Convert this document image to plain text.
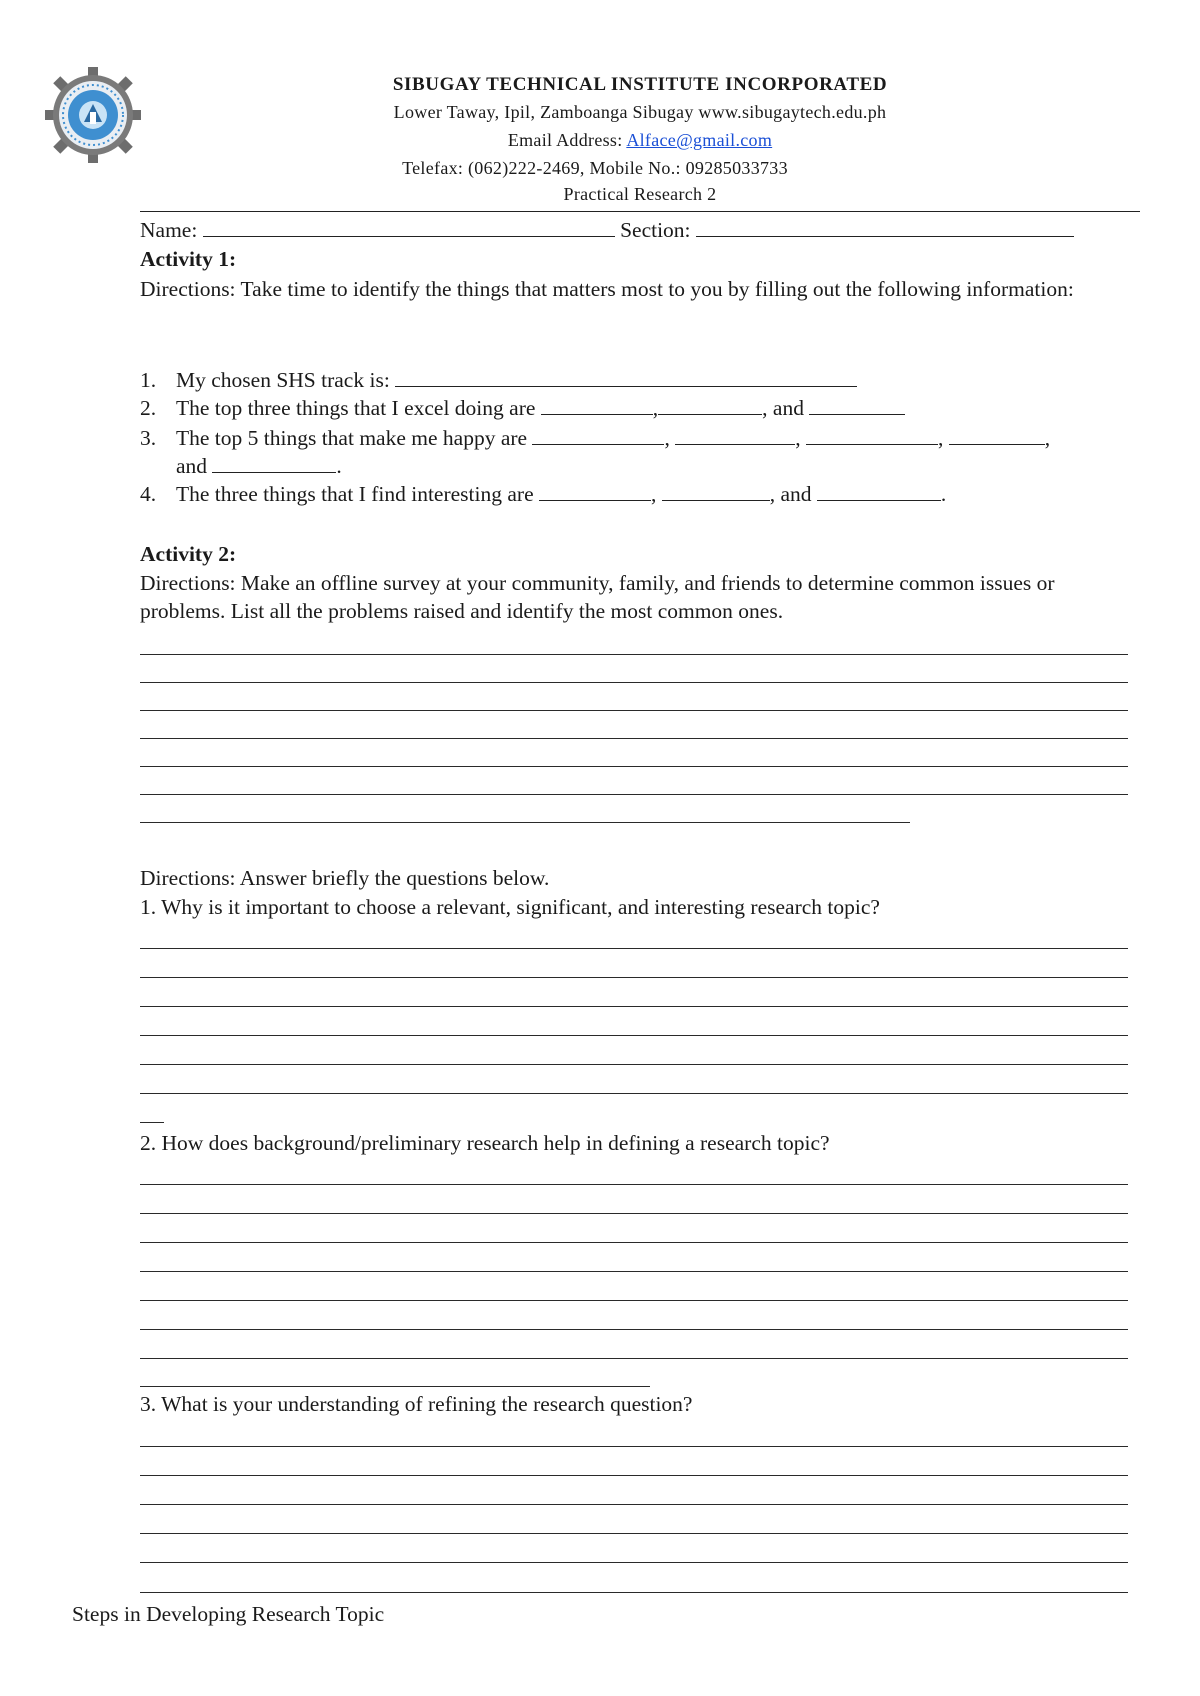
SIBUGAY TECHNICAL INSTITUTE INCORPORATED
Lower Taway, Ipil, Zamboanga Sibugay www.sibugaytech.edu.ph
Email Address: Alface@gmail.com
Telefax: (062)222-2469, Mobile No.: 09285033733
Practical Research 2
Name:	Section:
Activity 1:
Directions: Take time to identify the things that matters most to you by filling out the following information:
1. My chosen SHS track is:
2. The top three things that I excel doing are	,	, and
3. The top 5 things that make me happy are	,	,	,	,
and	.
4. The three things that I find interesting are	,	, and	.
Activity 2:
Directions: Make an offline survey at your community, family, and friends to determine common issues or problems. List all the problems raised and identify the most common ones.
Directions: Answer briefly the questions below.
1. Why is it important to choose a relevant, significant, and interesting research topic?
2. How does background/preliminary research help in defining a research topic?
3. What is your understanding of refining the research question?
Steps in Developing Research Topic
